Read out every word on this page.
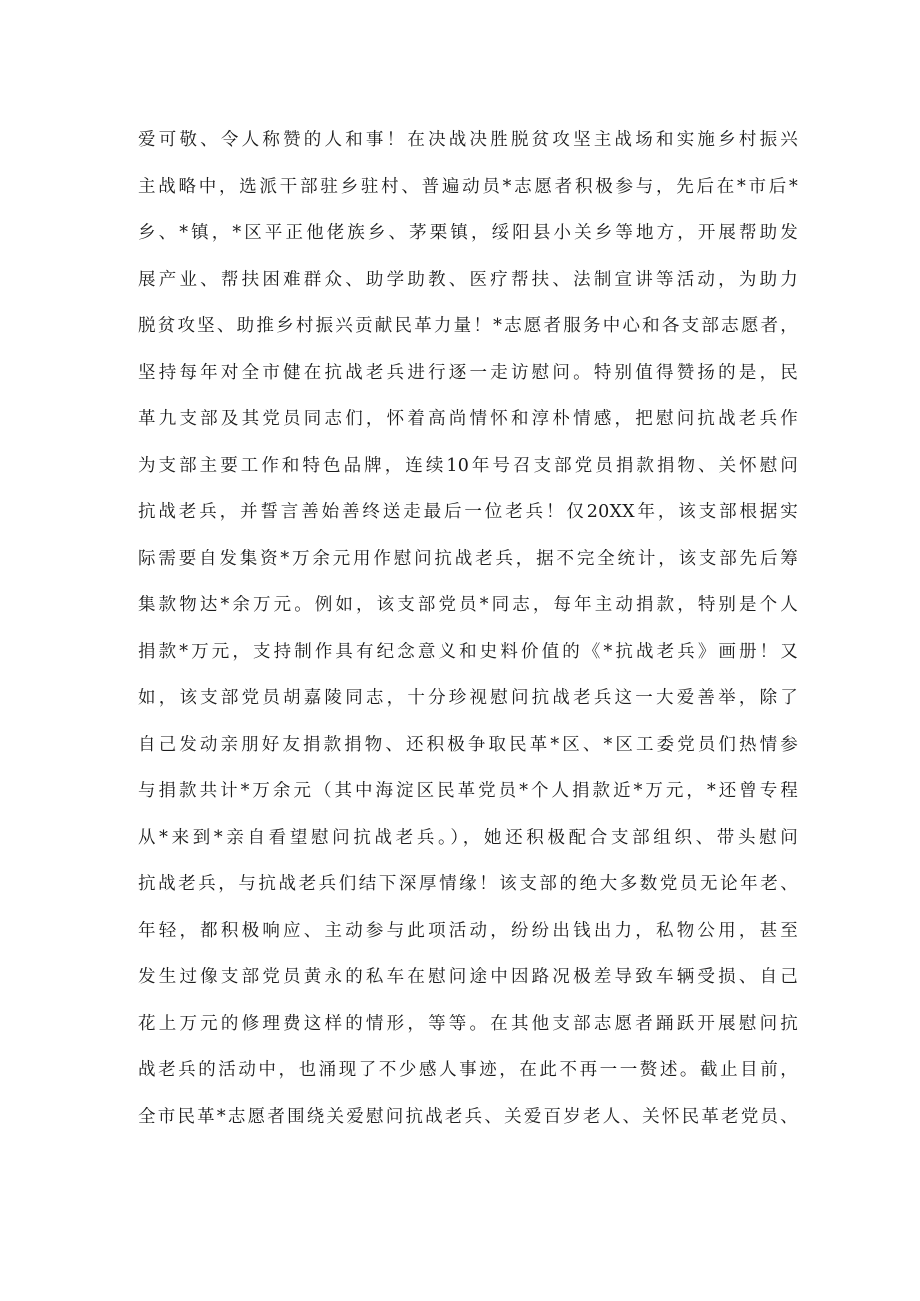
爱可敬、令人称赞的人和事！在决战决胜脱贫攻坚主战场和实施乡村振兴
主战略中，选派干部驻乡驻村、普遍动员*志愿者积极参与，先后在*市后*
乡、*镇，*区平正他佬族乡、茅栗镇，绥阳县小关乡等地方，开展帮助发
展产业、帮扶困难群众、助学助教、医疗帮扶、法制宣讲等活动，为助力
脱贫攻坚、助推乡村振兴贡献民革力量！*志愿者服务中心和各支部志愿者，
坚持每年对全市健在抗战老兵进行逐一走访慰问。特别值得赞扬的是，民
革九支部及其党员同志们，怀着高尚情怀和淳朴情感，把慰问抗战老兵作
为支部主要工作和特色品牌，连续10年号召支部党员捐款捐物、关怀慰问
抗战老兵，并誓言善始善终送走最后一位老兵！仅20XX年，该支部根据实
际需要自发集资*万余元用作慰问抗战老兵，据不完全统计，该支部先后筹
集款物达*余万元。例如，该支部党员*同志，每年主动捐款，特别是个人
捐款*万元，支持制作具有纪念意义和史料价值的《*抗战老兵》画册！又
如，该支部党员胡嘉陵同志，十分珍视慰问抗战老兵这一大爱善举，除了
自己发动亲朋好友捐款捐物、还积极争取民革*区、*区工委党员们热情参
与捐款共计*万余元（其中海淀区民革党员*个人捐款近*万元，*还曾专程
从*来到*亲自看望慰问抗战老兵。），她还积极配合支部组织、带头慰问
抗战老兵，与抗战老兵们结下深厚情缘！该支部的绝大多数党员无论年老、
年轻，都积极响应、主动参与此项活动，纷纷出钱出力，私物公用，甚至
发生过像支部党员黄永的私车在慰问途中因路况极差导致车辆受损、自己
花上万元的修理费这样的情形，等等。在其他支部志愿者踊跃开展慰问抗
战老兵的活动中，也涌现了不少感人事迹，在此不再一一赘述。截止目前，
全市民革*志愿者围绕关爱慰问抗战老兵、关爱百岁老人、关怀民革老党员、
